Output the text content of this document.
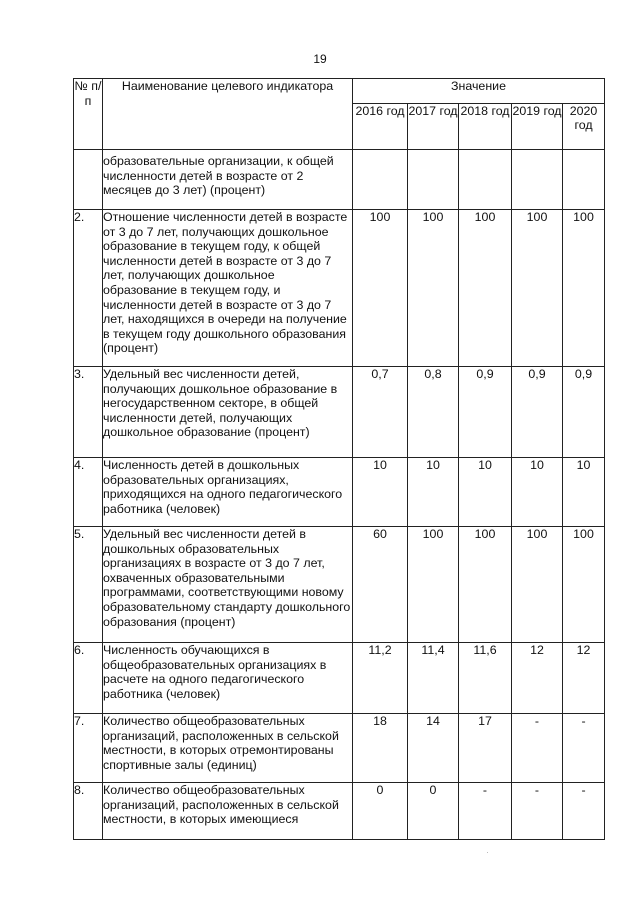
19
№ п/п	Наименование целевого индикатора	Значение				
		2016 год	2017 год	2018 год	2019 год	2020 год
	образовательные организации, к общей численности детей в возрасте от 2 месяцев до 3 лет) (процент)					
2.	Отношение численности детей в возрасте от 3 до 7 лет, получающих дошкольное образование в текущем году, к общей численности детей в возрасте от 3 до 7 лет, получающих дошкольное образование в текущем году, и численности детей в возрасте от 3 до 7 лет, находящихся в очереди на получение в текущем году дошкольного образования (процент)	100	100	100	100	100
3.	Удельный вес численности детей, получающих дошкольное образование в негосударственном секторе, в общей численности детей, получающих дошкольное образование (процент)	0,7	0,8	0,9	0,9	0,9
4.	Численность детей в дошкольных образовательных организациях, приходящихся на одного педагогического работника (человек)	10	10	10	10	10
5.	Удельный вес численности детей в дошкольных образовательных организациях в возрасте от 3 до 7 лет, охваченных образовательными программами, соответствующими новому образовательному стандарту дошкольного образования (процент)	60	100	100	100	100
6.	Численность обучающихся в общеобразовательных организациях в расчете на одного педагогического работника (человек)	11,2	11,4	11,6	12	12
7.	Количество общеобразовательных организаций, расположенных в сельской местности, в которых отремонтированы спортивные залы (единиц)	18	14	17	-	-
8.	Количество общеобразовательных организаций, расположенных в сельской местности, в которых имеющиеся	0	0	-	-	-
